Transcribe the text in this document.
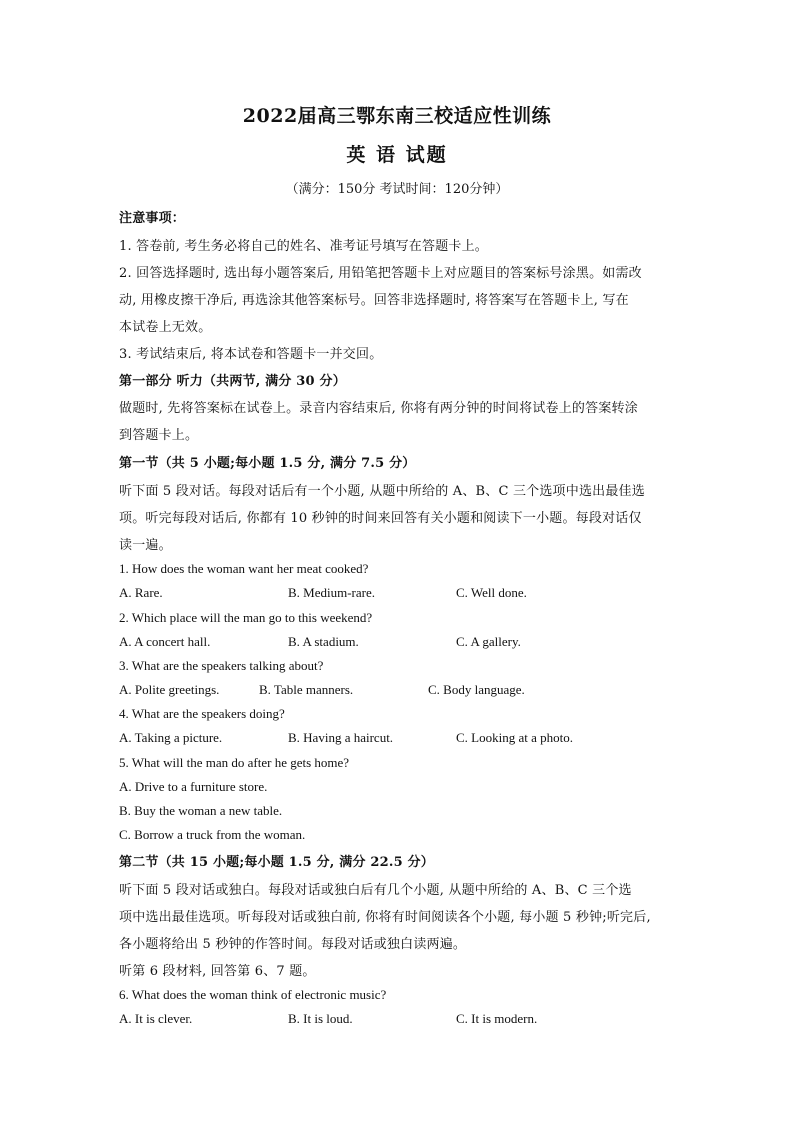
2022届高三鄂东南三校适应性训练
英 语 试题
（满分：150分 考试时间：120分钟）
注意事项：
1. 答卷前, 考生务必将自己的姓名、准考证号填写在答题卡上。
2. 回答选择题时, 选出每小题答案后, 用铅笔把答题卡上对应题目的答案标号涂黑。如需改
动, 用橡皮擦干净后, 再选涂其他答案标号。回答非选择题时, 将答案写在答题卡上, 写在
本试卷上无效。
3. 考试结束后, 将本试卷和答题卡一并交回。
第一部分 听力（共两节, 满分 30 分）
做题时, 先将答案标在试卷上。录音内容结束后, 你将有两分钟的时间将试卷上的答案转涂
到答题卡上。
第一节（共 5 小题;每小题 1.5 分, 满分 7.5 分）
听下面 5 段对话。每段对话后有一个小题, 从题中所给的 A、B、C 三个选项中选出最佳选
项。听完每段对话后, 你都有 10 秒钟的时间来回答有关小题和阅读下一小题。每段对话仅
读一遍。
1. How does the woman want her meat cooked?
A. Rare.	B. Medium-rare.	C. Well done.
2. Which place will the man go to this weekend?
A. A concert hall.	B. A stadium.	C. A gallery.
3. What are the speakers talking about?
A. Polite greetings.	B. Table manners.	C. Body language.
4. What are the speakers doing?
A. Taking a picture.	B. Having a haircut.	C. Looking at a photo.
5. What will the man do after he gets home?
A. Drive to a furniture store.
B. Buy the woman a new table.
C. Borrow a truck from the woman.
第二节（共 15 小题;每小题 1.5 分, 满分 22.5 分）
听下面 5 段对话或独白。每段对话或独白后有几个小题, 从题中所给的 A、B、C 三个选
项中选出最佳选项。听每段对话或独白前, 你将有时间阅读各个小题, 每小题 5 秒钟;听完后,
各小题将给出 5 秒钟的作答时间。每段对话或独白读两遍。
听第 6 段材料, 回答第 6、7 题。
6. What does the woman think of electronic music?
A. It is clever.	B. It is loud.	C. It is modern.
